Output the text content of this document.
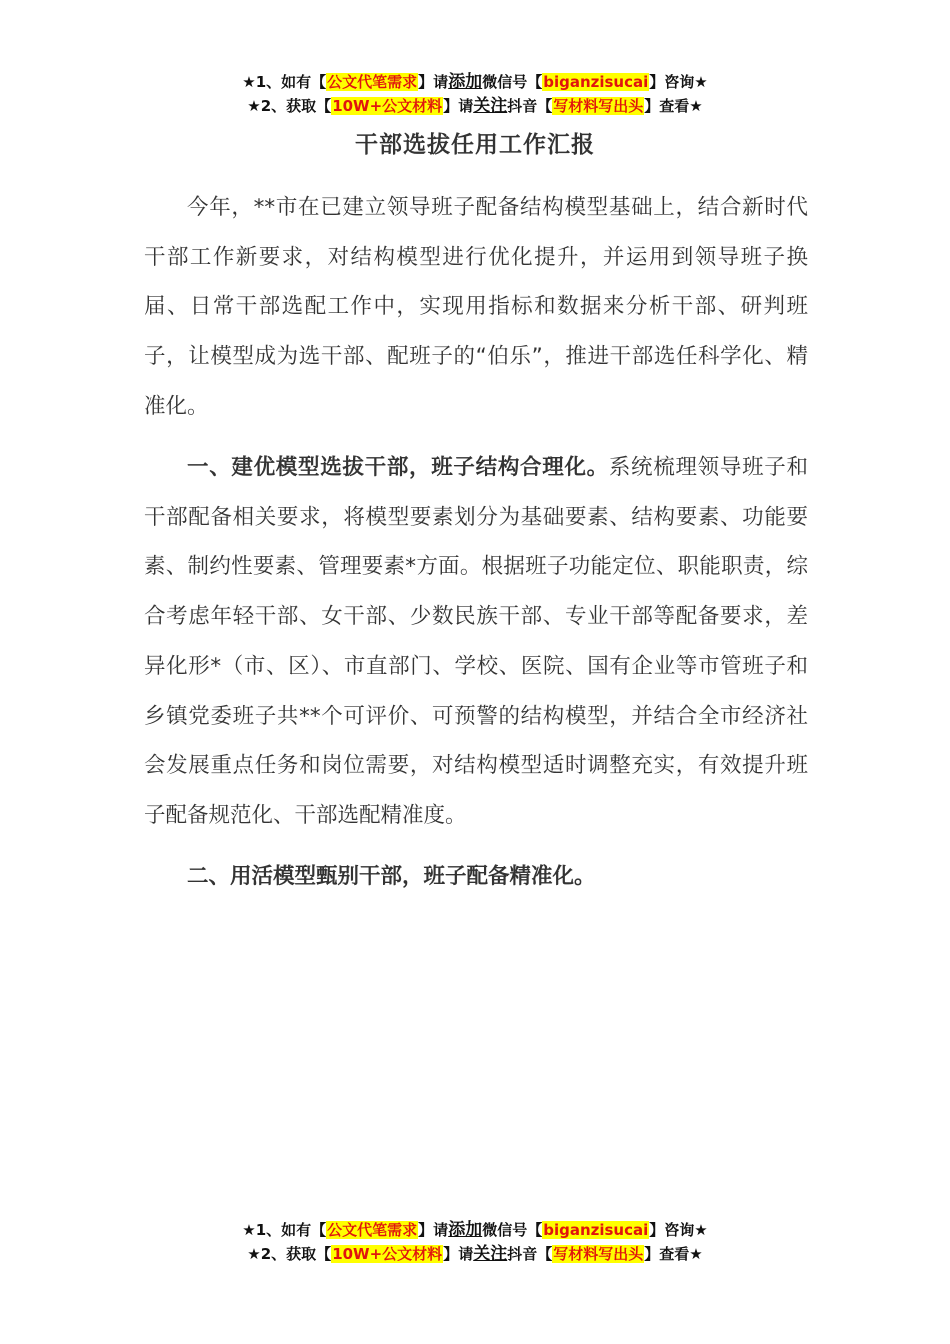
★1、如有【公文代笔需求】请添加微信号【biganzisucai】咨询★
★2、获取【10W+公文材料】请关注抖音【写材料写出头】查看★
干部选拔任用工作汇报

今年，**市在已建立领导班子配备结构模型基础上，结合新时代干部工作新要求，对结构模型进行优化提升，并运用到领导班子换届、日常干部选配工作中，实现用指标和数据来分析干部、研判班子，让模型成为选干部、配班子的“伯乐”，推进干部选任科学化、精准化。

一、建优模型选拔干部，班子结构合理化。系统梳理领导班子和干部配备相关要求，将模型要素划分为基础要素、结构要素、功能要素、制约性要素、管理要素*方面。根据班子功能定位、职能职责，综合考虑年轻干部、女干部、少数民族干部、专业干部等配备要求，差异化形*（市、区）、市直部门、学校、医院、国有企业等市管班子和乡镇党委班子共**个可评价、可预警的结构模型，并结合全市经济社会发展重点任务和岗位需要，对结构模型适时调整充实，有效提升班子配备规范化、干部选配精准度。

二、用活模型甄别干部，班子配备精准化。

★1、如有【公文代笔需求】请添加微信号【biganzisucai】咨询★
★2、获取【10W+公文材料】请关注抖音【写材料写出头】查看★
